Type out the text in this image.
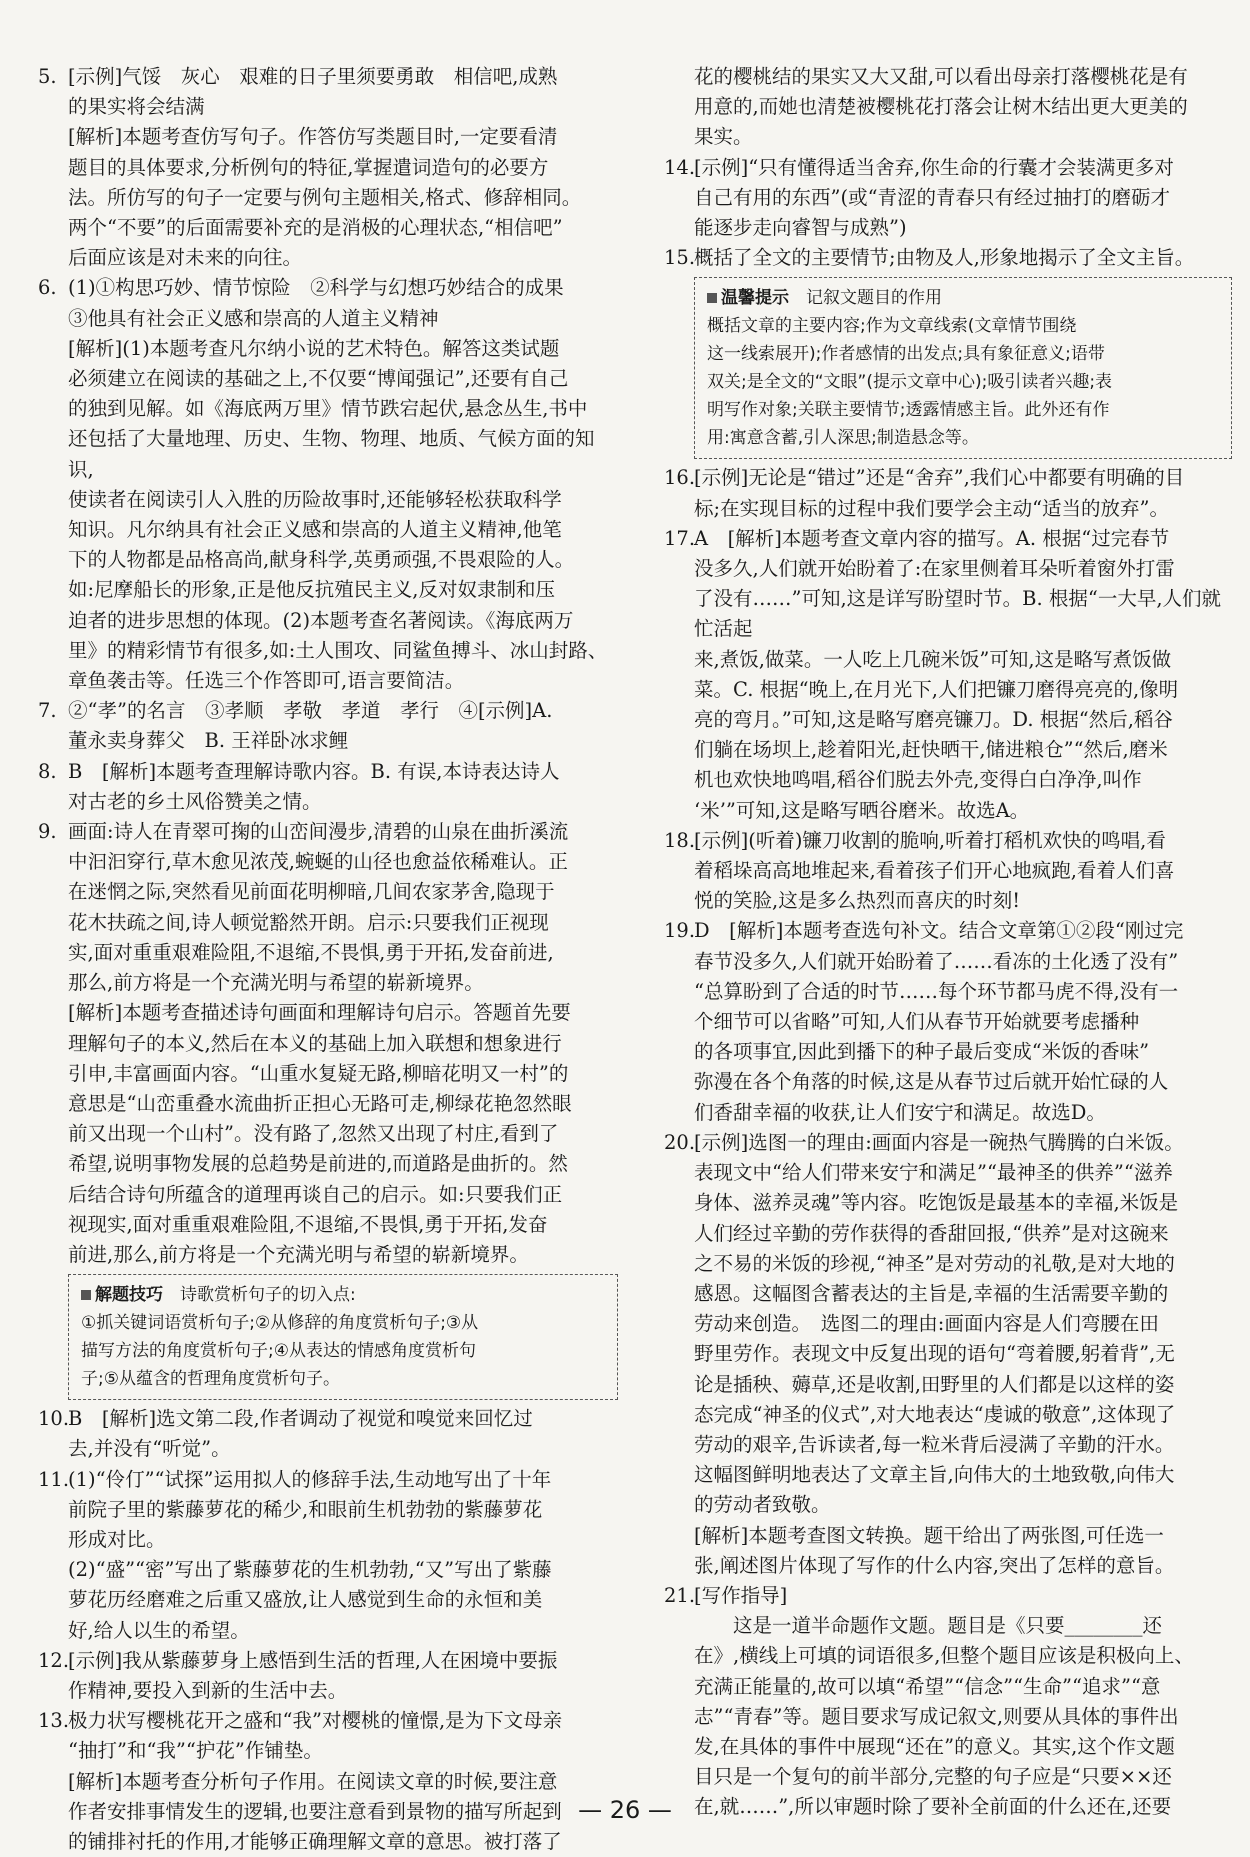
5. [示例]气馁　灰心　艰难的日子里须要勇敢　相信吧,成熟

的果实将会结满

[解析]本题考查仿写句子。作答仿写类题目时,一定要看清

题目的具体要求,分析例句的特征,掌握遣词造句的必要方

法。所仿写的句子一定要与例句主题相关,格式、修辞相同。

两个“不要”的后面需要补充的是消极的心理状态,“相信吧”

后面应该是对未来的向往。

6. (1)①构思巧妙、情节惊险　②科学与幻想巧妙结合的成果

③他具有社会正义感和崇高的人道主义精神

[解析](1)本题考查凡尔纳小说的艺术特色。解答这类试题

必须建立在阅读的基础之上,不仅要“博闻强记”,还要有自己

的独到见解。如《海底两万里》情节跌宕起伏,悬念丛生,书中

还包括了大量地理、历史、生物、物理、地质、气候方面的知识,

使读者在阅读引人入胜的历险故事时,还能够轻松获取科学

知识。凡尔纳具有社会正义感和崇高的人道主义精神,他笔

下的人物都是品格高尚,献身科学,英勇顽强,不畏艰险的人。

如:尼摩船长的形象,正是他反抗殖民主义,反对奴隶制和压

迫者的进步思想的体现。(2)本题考查名著阅读。《海底两万

里》的精彩情节有很多,如:土人围攻、同鲨鱼搏斗、冰山封路、

章鱼袭击等。任选三个作答即可,语言要简洁。

7. ②“孝”的名言　③孝顺　孝敬　孝道　孝行　④[示例]A.

董永卖身葬父　B. 王祥卧冰求鲤

8. B　[解析]本题考查理解诗歌内容。B. 有误,本诗表达诗人

对古老的乡土风俗赞美之情。

9. 画面:诗人在青翠可掬的山峦间漫步,清碧的山泉在曲折溪流

中汩汩穿行,草木愈见浓茂,蜿蜒的山径也愈益依稀难认。正

在迷惘之际,突然看见前面花明柳暗,几间农家茅舍,隐现于

花木扶疏之间,诗人顿觉豁然开朗。启示:只要我们正视现

实,面对重重艰难险阻,不退缩,不畏惧,勇于开拓,发奋前进,

那么,前方将是一个充满光明与希望的崭新境界。

[解析]本题考查描述诗句画面和理解诗句启示。答题首先要

理解句子的本义,然后在本义的基础上加入联想和想象进行

引申,丰富画面内容。“山重水复疑无路,柳暗花明又一村”的

意思是“山峦重叠水流曲折正担心无路可走,柳绿花艳忽然眼

前又出现一个山村”。没有路了,忽然又出现了村庄,看到了

希望,说明事物发展的总趋势是前进的,而道路是曲折的。然

后结合诗句所蕴含的道理再谈自己的启示。如:只要我们正

视现实,面对重重艰难险阻,不退缩,不畏惧,勇于开拓,发奋

前进,那么,前方将是一个充满光明与希望的崭新境界。

解题技巧　诗歌赏析句子的切入点:

①抓关键词语赏析句子;②从修辞的角度赏析句子;③从

描写方法的角度赏析句子;④从表达的情感角度赏析句

子;⑤从蕴含的哲理角度赏析句子。

10.

B　[解析]选文第二段,作者调动了视觉和嗅觉来回忆过

去,并没有“听觉”。

11.

(1)“伶仃”“试探”运用拟人的修辞手法,生动地写出了十年

前院子里的紫藤萝花的稀少,和眼前生机勃勃的紫藤萝花

形成对比。

(2)“盛”“密”写出了紫藤萝花的生机勃勃,“又”写出了紫藤

萝花历经磨难之后重又盛放,让人感觉到生命的永恒和美

好,给人以生的希望。

12.

[示例]我从紫藤萝身上感悟到生活的哲理,人在困境中要振

作精神,要投入到新的生活中去。

13.

极力状写樱桃花开之盛和“我”对樱桃的憧憬,是为下文母亲

“抽打”和“我”“护花”作铺垫。

[解析]本题考查分析句子作用。在阅读文章的时候,要注意

作者安排事情发生的逻辑,也要注意看到景物的描写所起到

的铺排衬托的作用,才能够正确理解文章的意思。被打落了

花的樱桃结的果实又大又甜,可以看出母亲打落樱桃花是有

用意的,而她也清楚被樱桃花打落会让树木结出更大更美的

果实。

14.

[示例]“只有懂得适当舍弃,你生命的行囊才会装满更多对

自己有用的东西”(或“青涩的青春只有经过抽打的磨砺才

能逐步走向睿智与成熟”)

15.

概括了全文的主要情节;由物及人,形象地揭示了全文主旨。

温馨提示　记叙文题目的作用

概括文章的主要内容;作为文章线索(文章情节围绕

这一线索展开);作者感情的出发点;具有象征意义;语带

双关;是全文的“文眼”(提示文章中心);吸引读者兴趣;表

明写作对象;关联主要情节;透露情感主旨。此外还有作

用:寓意含蓄,引人深思;制造悬念等。

16.

[示例]无论是“错过”还是“舍弃”,我们心中都要有明确的目

标;在实现目标的过程中我们要学会主动“适当的放弃”。

17.

A　[解析]本题考查文章内容的描写。A. 根据“过完春节

没多久,人们就开始盼着了:在家里侧着耳朵听着窗外打雷

了没有……”可知,这是详写盼望时节。B. 根据“一大早,人们就忙活起

来,煮饭,做菜。一人吃上几碗米饭”可知,这是略写煮饭做

菜。C. 根据“晚上,在月光下,人们把镰刀磨得亮亮的,像明

亮的弯月。”可知,这是略写磨亮镰刀。D. 根据“然后,稻谷

们躺在场坝上,趁着阳光,赶快晒干,储进粮仓”“然后,磨米

机也欢快地鸣唱,稻谷们脱去外壳,变得白白净净,叫作

‘米’”可知,这是略写晒谷磨米。故选A。

18.

[示例](听着)镰刀收割的脆响,听着打稻机欢快的鸣唱,看

着稻垛高高地堆起来,看着孩子们开心地疯跑,看着人们喜

悦的笑脸,这是多么热烈而喜庆的时刻!

19.

D　[解析]本题考查选句补文。结合文章第①②段“刚过完

春节没多久,人们就开始盼着了……看冻的土化透了没有”

“总算盼到了合适的时节……每个环节都马虎不得,没有一

个细节可以省略”可知,人们从春节开始就要考虑播种

的各项事宜,因此到播下的种子最后变成“米饭的香味”

弥漫在各个角落的时候,这是从春节过后就开始忙碌的人

们香甜幸福的收获,让人们安宁和满足。故选D。

20.

[示例]选图一的理由:画面内容是一碗热气腾腾的白米饭。

表现文中“给人们带来安宁和满足”“最神圣的供养”“滋养

身体、滋养灵魂”等内容。吃饱饭是最基本的幸福,米饭是

人们经过辛勤的劳作获得的香甜回报,“供养”是对这碗来

之不易的米饭的珍视,“神圣”是对劳动的礼敬,是对大地的

感恩。这幅图含蓄表达的主旨是,幸福的生活需要辛勤的

劳动来创造。　选图二的理由:画面内容是人们弯腰在田

野里劳作。表现文中反复出现的语句“弯着腰,躬着背”,无

论是插秧、薅草,还是收割,田野里的人们都是以这样的姿

态完成“神圣的仪式”,对大地表达“虔诚的敬意”,这体现了

劳动的艰辛,告诉读者,每一粒米背后浸满了辛勤的汗水。

这幅图鲜明地表达了文章主旨,向伟大的土地致敬,向伟大

的劳动者致敬。

[解析]本题考查图文转换。题干给出了两张图,可任选一

张,阐述图片体现了写作的什么内容,突出了怎样的意旨。

21.

[写作指导]

　　这是一道半命题作文题。题目是《只要________还

在》,横线上可填的词语很多,但整个题目应该是积极向上、

充满正能量的,故可以填“希望”“信念”“生命”“追求”“意

志”“青春”等。题目要求写成记叙文,则要从具体的事件出

发,在具体的事件中展现“还在”的意义。其实,这个作文题

目只是一个复句的前半部分,完整的句子应是“只要××还

在,就……”,所以审题时除了要补全前面的什么还在,还要

— 26 —
